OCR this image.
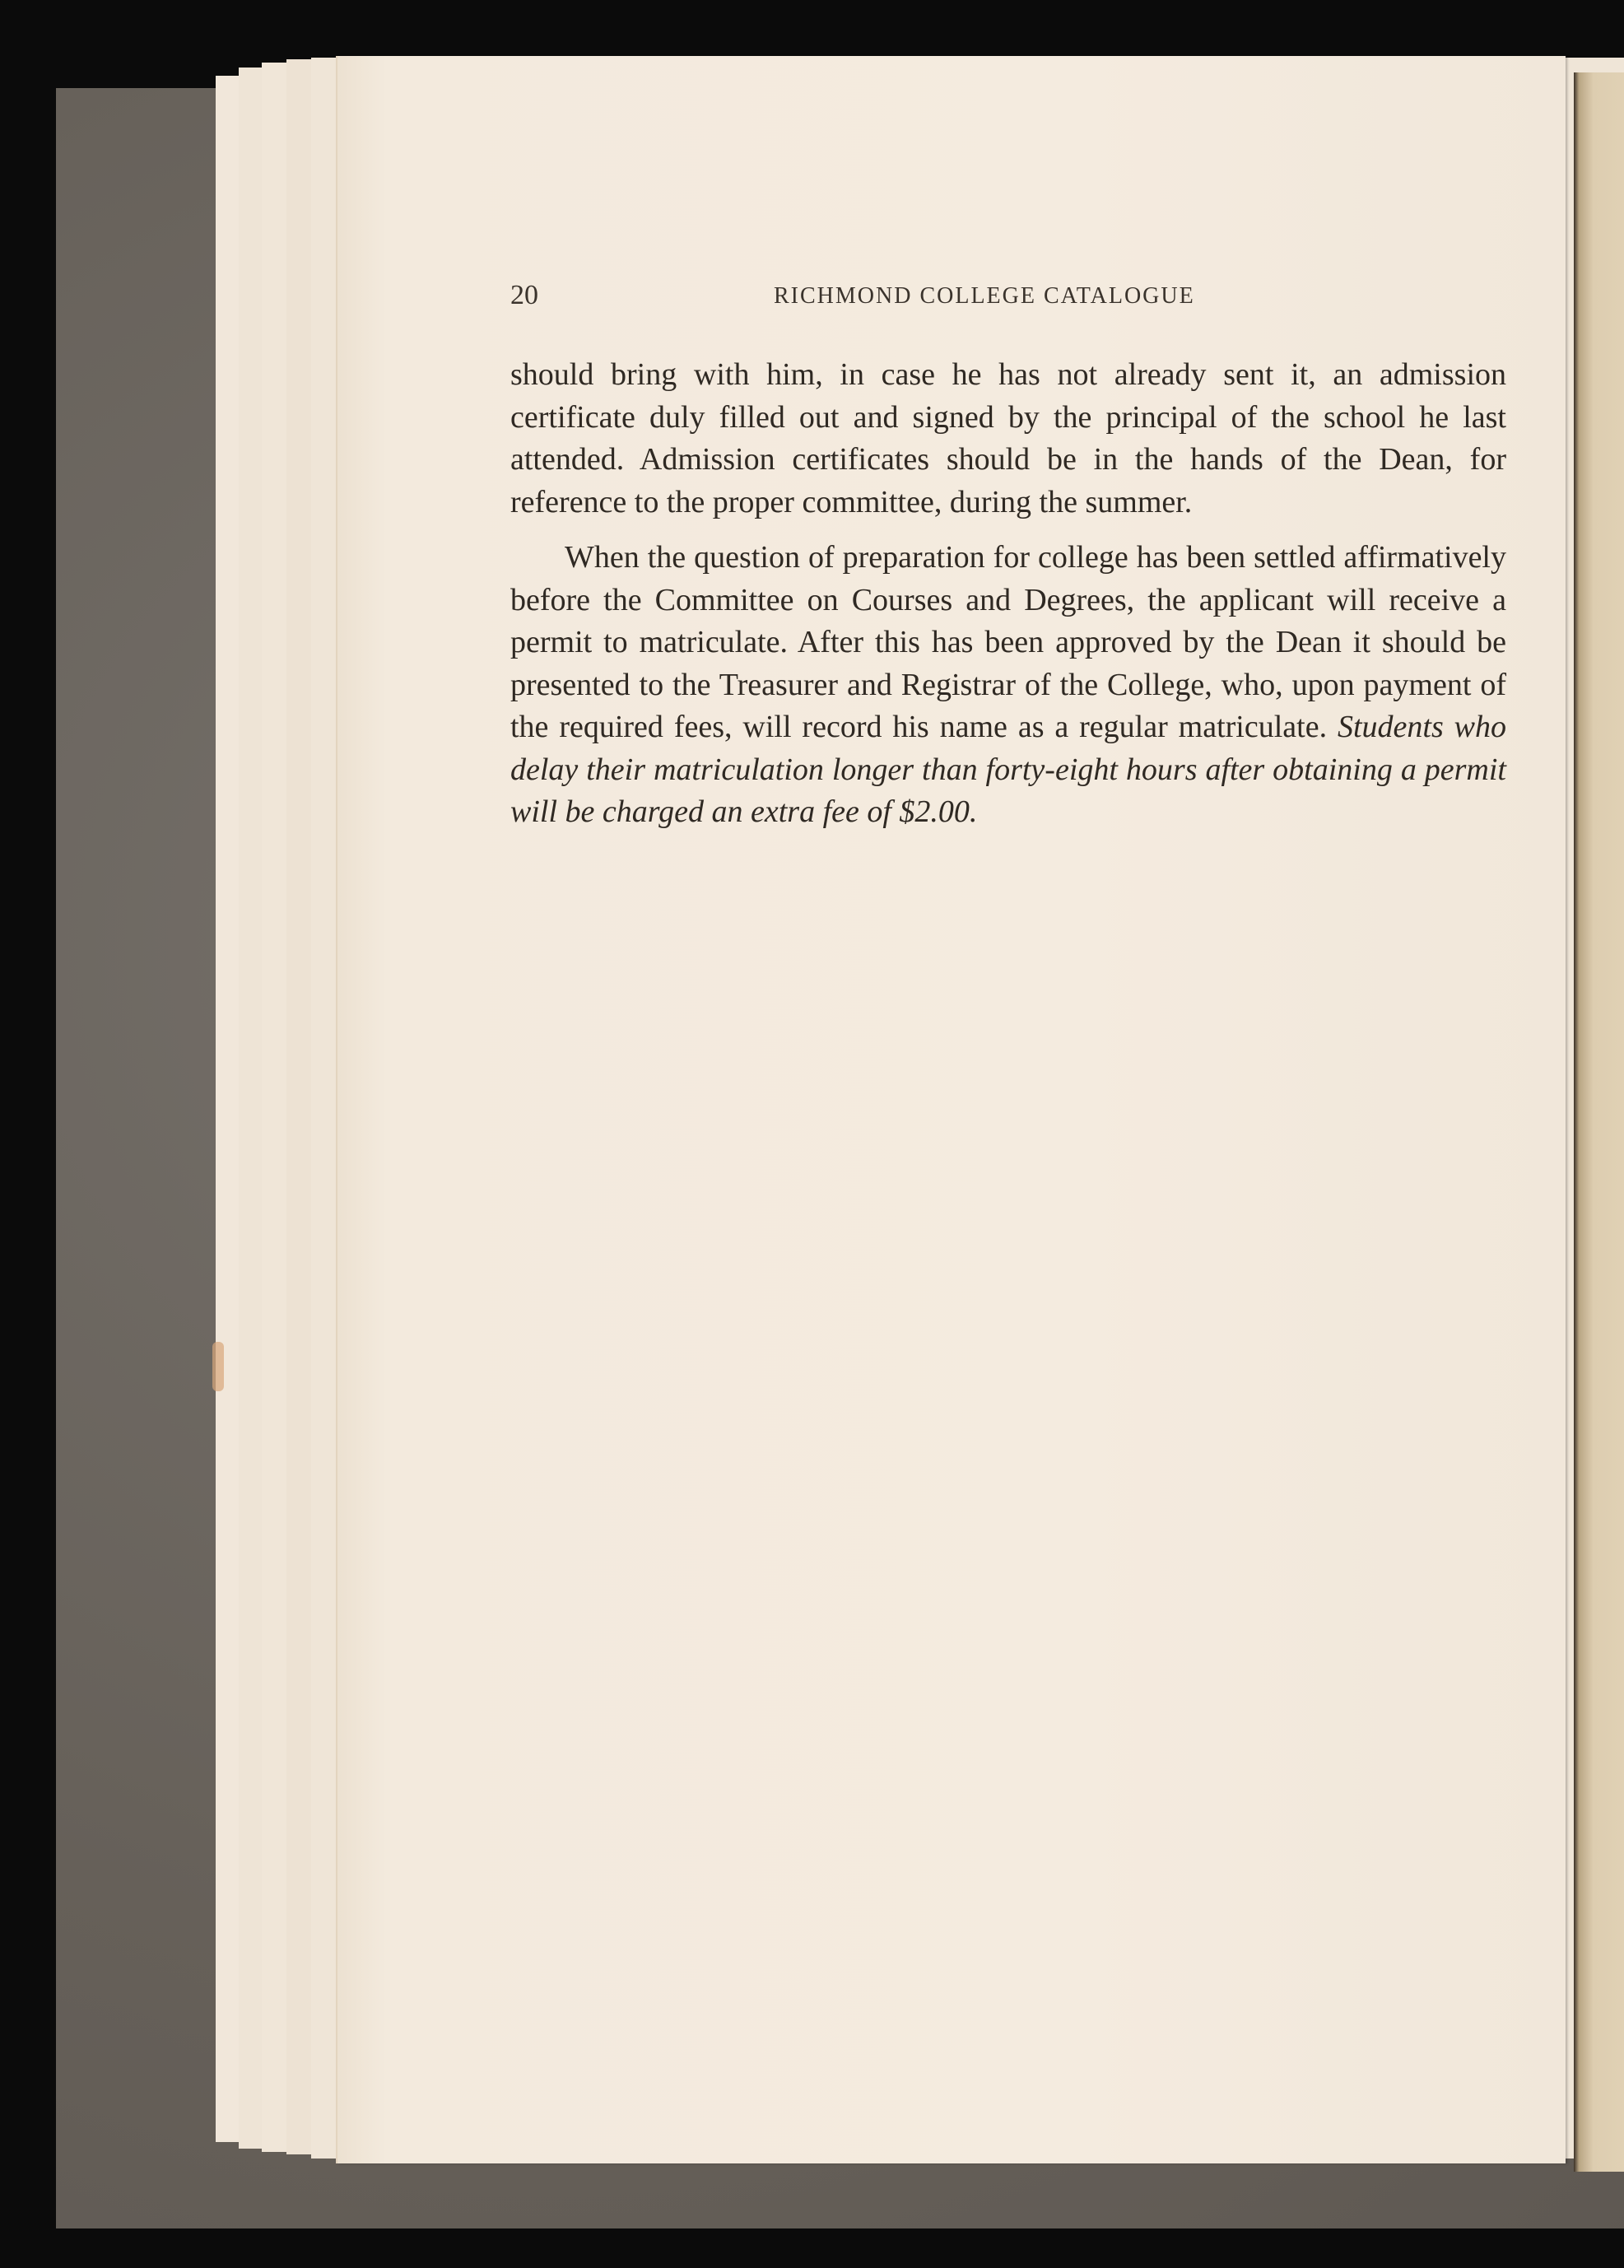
20	RICHMOND COLLEGE CATALOGUE

should bring with him, in case he has not already sent it, an admission certificate duly filled out and signed by the principal of the school he last attended. Admission certificates should be in the hands of the Dean, for reference to the proper committee, during the summer.

When the question of preparation for college has been settled affirmatively before the Committee on Courses and Degrees, the applicant will receive a permit to matriculate. After this has been approved by the Dean it should be presented to the Treasurer and Registrar of the College, who, upon payment of the required fees, will record his name as a regular matriculate. Students who delay their matriculation longer than forty-eight hours after obtaining a permit will be charged an extra fee of $2.00.
